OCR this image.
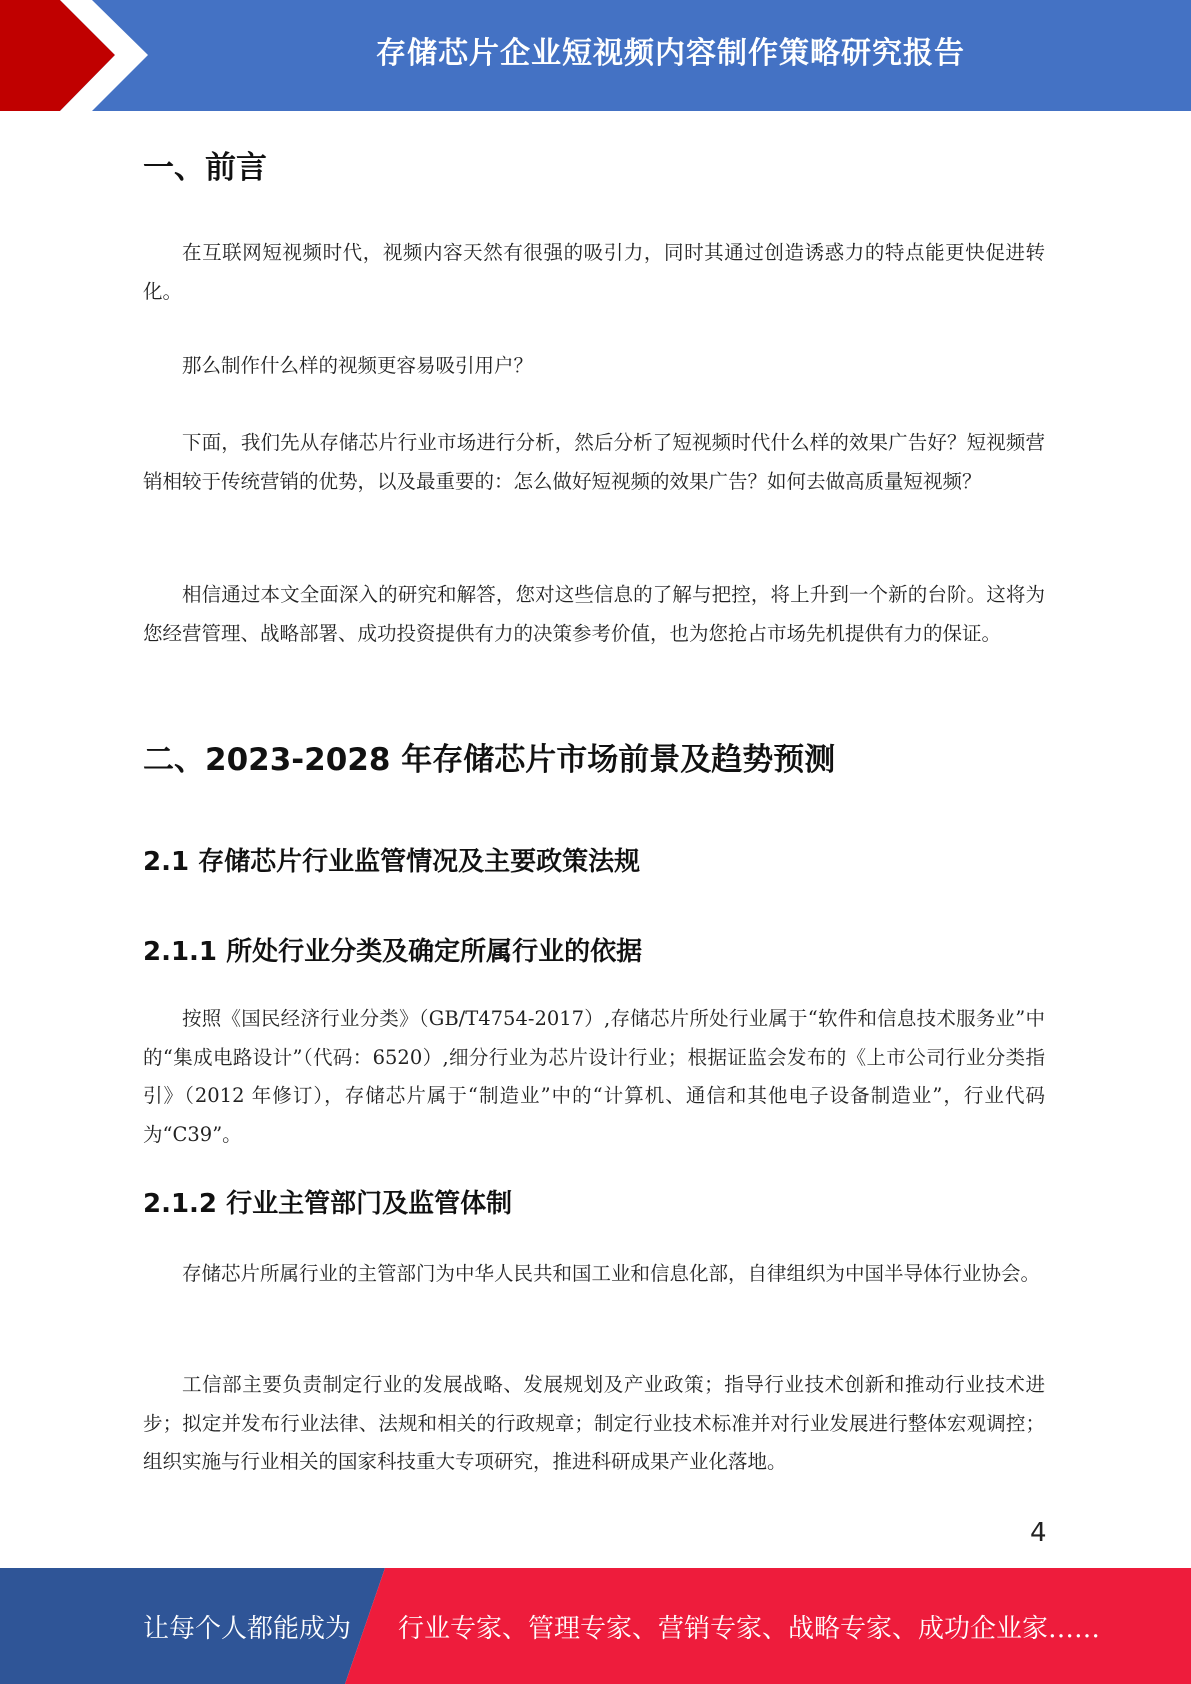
存储芯片企业短视频内容制作策略研究报告
一、前言
在互联网短视频时代，视频内容天然有很强的吸引力，同时其通过创造诱惑力的特点能更快促进转化。
那么制作什么样的视频更容易吸引用户？
下面，我们先从存储芯片行业市场进行分析，然后分析了短视频时代什么样的效果广告好？短视频营销相较于传统营销的优势，以及最重要的：怎么做好短视频的效果广告？如何去做高质量短视频？
相信通过本文全面深入的研究和解答，您对这些信息的了解与把控，将上升到一个新的台阶。这将为您经营管理、战略部署、成功投资提供有力的决策参考价值，也为您抢占市场先机提供有力的保证。
二、2023-2028 年存储芯片市场前景及趋势预测
2.1 存储芯片行业监管情况及主要政策法规
2.1.1 所处行业分类及确定所属行业的依据
按照《国民经济行业分类》（GB/T4754-2017）,存储芯片所处行业属于“软件和信息技术服务业”中的“集成电路设计”（代码：6520）,细分行业为芯片设计行业；根据证监会发布的《上市公司行业分类指引》（2012 年修订），存储芯片属于“制造业”中的“计算机、通信和其他电子设备制造业”，行业代码为“C39”。
2.1.2 行业主管部门及监管体制
存储芯片所属行业的主管部门为中华人民共和国工业和信息化部，自律组织为中国半导体行业协会。
工信部主要负责制定行业的发展战略、发展规划及产业政策；指导行业技术创新和推动行业技术进步；拟定并发布行业法律、法规和相关的行政规章；制定行业技术标准并对行业发展进行整体宏观调控；组织实施与行业相关的国家科技重大专项研究，推进科研成果产业化落地。
4
让每个人都能成为 行业专家、管理专家、营销专家、战略专家、成功企业家……
